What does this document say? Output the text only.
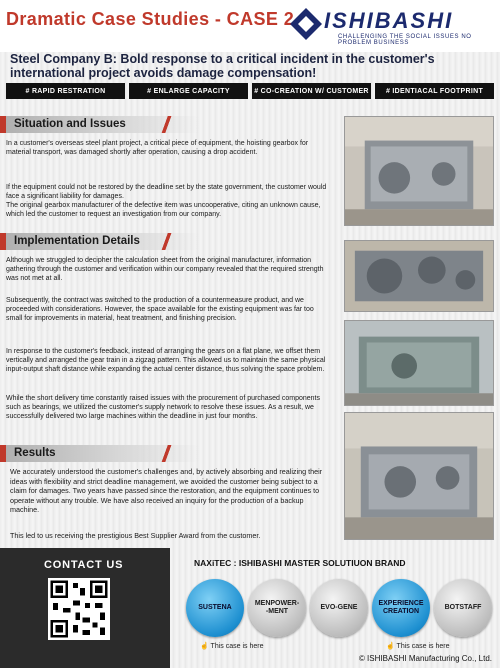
Dramatic Case Studies - CASE 2 ISHIBASHI
CHALLENGING THE SOCIAL ISSUES NO PROBLEM BUSINESS
Steel Company B: Bold response to a critical incident in the customer's international project avoids damage compensation!
# RAPID RESTRATION	# ENLARGE CAPACITY	# CO-CREATION W/ CUSTOMER	# IDENTIACAL FOOTPRINT
Situation and Issues
In a customer's overseas steel plant project, a critical piece of equipment, the hoisting gearbox for material transport, was damaged shortly after operation, causing a drop accident.
If the equipment could not be restored by the deadline set by the state government, the customer would face a significant liability for damages.
The original gearbox manufacturer of the defective item was uncooperative, citing an unknown cause, which led the customer to request an investigation from our company.
Implementation Details
Although we struggled to decipher the calculation sheet from the original manufacturer, information gathering through the customer and verification within our company revealed that the required strength was not met at all.
Subsequently, the contract was switched to the production of a countermeasure product, and we proceeded with considerations. However, the space available for the existing equipment was far too small for improvements in material, heat treatment, and finishing precision.
In response to the customer's feedback, instead of arranging the gears on a flat plane, we offset them vertically and arranged the gear train in a zigzag pattern. This allowed us to maintain the same physical input-output shaft distance while expanding the actual center distance, thus solving the space problem.
While the short delivery time constantly raised issues with the procurement of purchased components such as bearings, we utilized the customer's supply network to resolve these issues. As a result, we successfully delivered two large machines within the deadline in just four months.
Results
We accurately understood the customer's challenges and, by actively absorbing and realizing their ideas with flexibility and strict deadline management, we avoided the customer being subject to a claim for damages. Two years have passed since the restoration, and the equipment continues to operate without any trouble. We have also received an inquiry for the production of a backup machine.
This led to us receiving the prestigious Best Supplier Award from the customer.
CONTACT US	NAXiTEC : ISHIBASHI MASTER SOLUTIUON BRAND
SUSTENA
MENPOWER-
-MENT
EVO-GENE
EXPERIENCE
CREATION
BOTSTAFF
☝ This case is here	☝ This case is here
© ISHIBASHI Manufacturing Co., Ltd.
